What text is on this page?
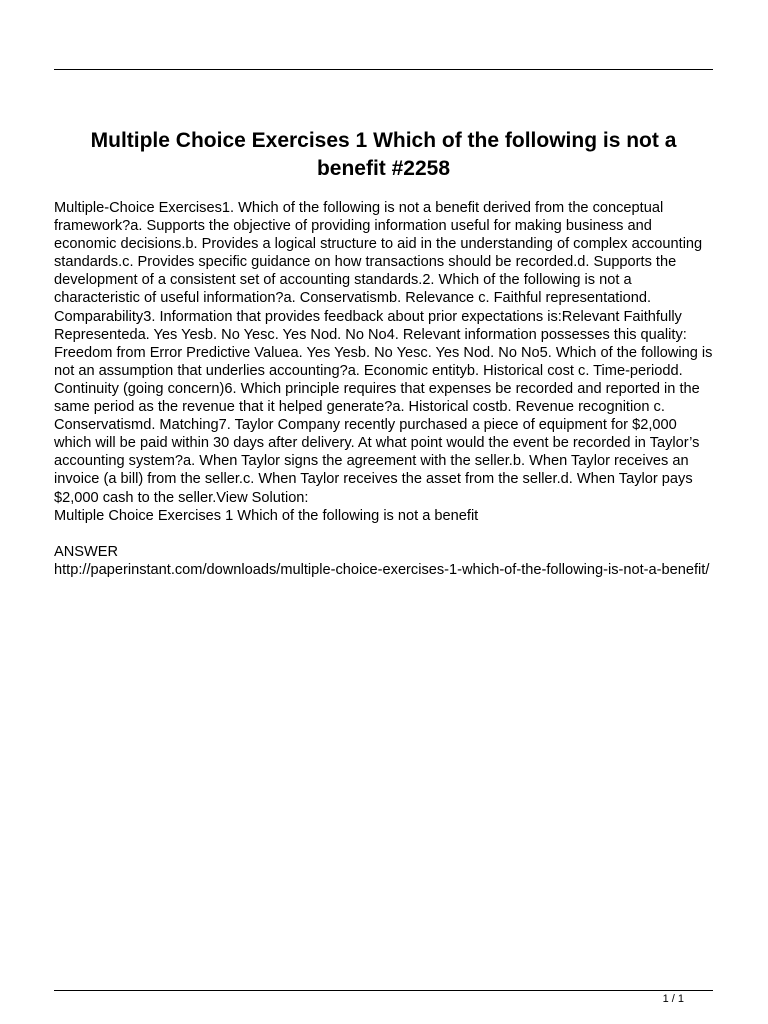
Multiple Choice Exercises 1 Which of the following is not a benefit #2258

Multiple-Choice Exercises1. Which of the following is not a benefit derived from the conceptual framework?a. Supports the objective of providing information useful for making business and economic decisions.b. Provides a logical structure to aid in the understanding of complex accounting standards.c. Provides specific guidance on how transactions should be recorded.d. Supports the development of a consistent set of accounting standards.2. Which of the following is not a characteristic of useful information?a. Conservatismb. Relevance c. Faithful representationd. Comparability3. Information that provides feedback about prior expectations is:Relevant Faithfully Representeda. Yes Yesb. No Yesc. Yes Nod. No No4. Relevant information possesses this quality: Freedom from Error Predictive Valuea. Yes Yesb. No Yesc. Yes Nod. No No5. Which of the following is not an assumption that underlies accounting?a. Economic entityb. Historical cost c. Time-periodd. Continuity (going concern)6. Which principle requires that expenses be recorded and reported in the same period as the revenue that it helped generate?a. Historical costb. Revenue recognition c. Conservatismd. Matching7. Taylor Company recently purchased a piece of equipment for $2,000 which will be paid within 30 days after delivery. At what point would the event be recorded in Taylor’s accounting system?a. When Taylor signs the agreement with the seller.b. When Taylor receives an invoice (a bill) from the seller.c. When Taylor receives the asset from the seller.d. When Taylor pays $2,000 cash to the seller.View Solution:

Multiple Choice Exercises 1 Which of the following is not a benefit

ANSWER

http://paperinstant.com/downloads/multiple-choice-exercises-1-which-of-the-following-is-not-a-benefit/

1 / 1
